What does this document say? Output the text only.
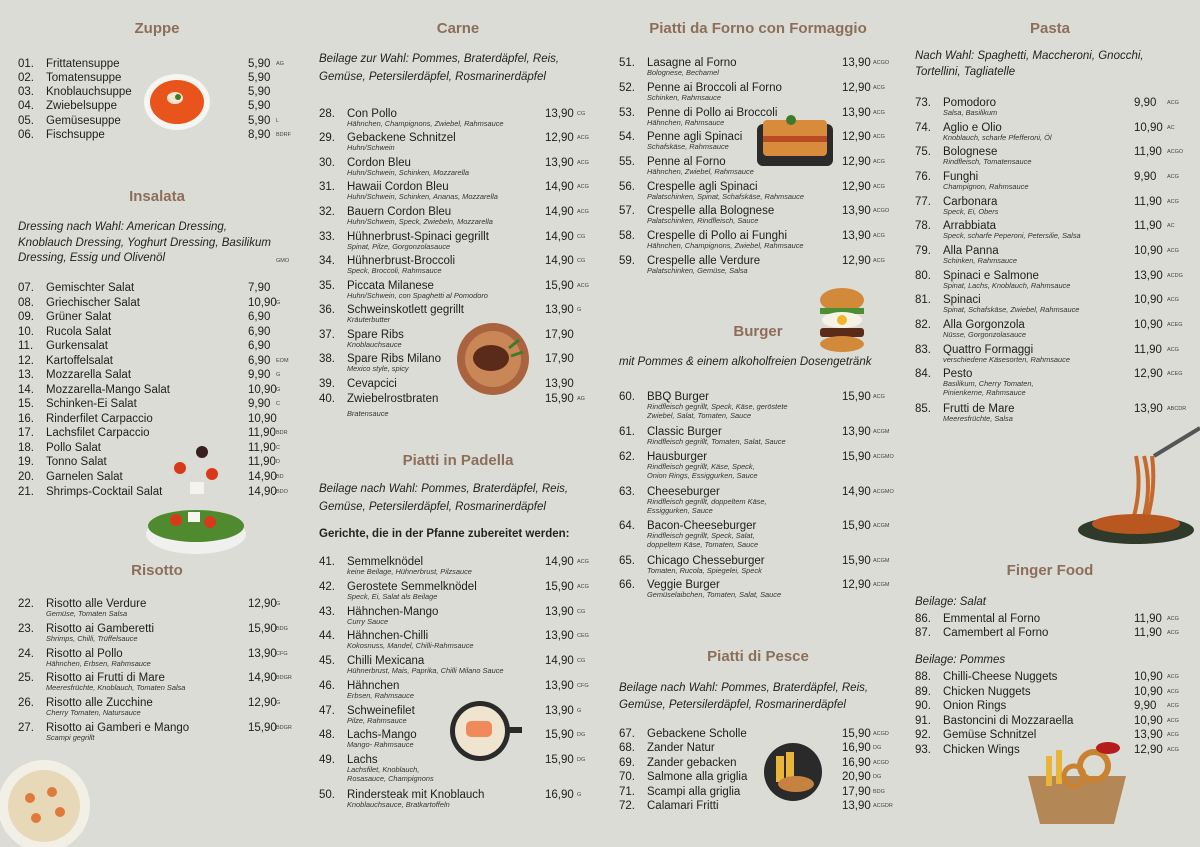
Zuppe
01. Frittatensuppe	5,90 AG
02. Tomatensuppe	5,90
03. Knoblauchsuppe	5,90
04. Zwiebelsuppe	5,90
05. Gemüsesuppe	5,90 L
06. Fischsuppe	8,90 BDRF
Insalata
Dressing nach Wahl: American Dressing,
Knoblauch Dressing, Yoghurt Dressing, Basilikum
Dressing, Essig und Olivenöl	GMO
07. Gemischter Salat	7,90
08. Griechischer Salat	10,90 G
09. Grüner Salat	6,90
10. Rucola Salat	6,90
11. Gurkensalat	6,90
12. Kartoffelsalat	6,90 EOM
13. Mozzarella Salat	9,90 G
14. Mozzarella-Mango Salat	10,90 G
15. Schinken-Ei Salat	9,90 C
16. Rinderfilet Carpaccio	10,90
17. Lachsfilet Carpaccio	11,90 BDR
18. Pollo Salat	11,90 C
19. Tonno Salat	11,90 D
20. Garnelen Salat	14,90 BD
21. Shrimps-Cocktail Salat	14,90 BDO
Risotto
22. Risotto alle Verdure
Gemüse, Tomaten Salsa
12,90 G
23. Risotto ai Gamberetti
Shrimps, Chilli, Trüffelsauce
15,90 BDG
24. Risotto al Pollo
Hähnchen, Erbsen, Rahmsauce
13,90 CFG
25. Risotto ai Frutti di Mare
Meeresfrüchte, Knoblauch, Tomaten Salsa
14,90 BDGR
26. Risotto alle Zucchine
Cherry Tomaten, Natursauce
12,90 G
27. Risotto ai Gamberi e Mango
Scampi gegrillt
15,90 BDGR
Carne
Beilage zur Wahl: Pommes, Braterdäpfel, Reis,
Gemüse, Petersilerdäpfel, Rosmarinerdäpfel
28. Con Pollo
Hähnchen, Champignons, Zwiebel, Rahmsauce
13,90 CG
29. Gebackene Schnitzel
Huhn/Schwein
12,90 ACG
30. Cordon Bleu
Huhn/Schwein, Schinken, Mozzarella
13,90 ACG
31. Hawaii Cordon Bleu
Huhn/Schwein, Schinken, Ananas, Mozzarella
14,90 ACG
32. Bauern Cordon Bleu
Huhn/Schwein, Speck, Zwiebeln, Mozzarella
14,90 ACG
33. Hühnerbrust-Spinaci gegrillt
Spinat, Pilze, Gorgonzolasauce
14,90 CG
34. Hühnerbrust-Broccoli
Speck, Broccoli, Rahmsauce
14,90 CG
35. Piccata Milanese
Huhn/Schwein, con Spaghetti al Pomodoro
15,90 ACG
36. Schweinskotlett gegrillt
Kräuterbutter
13,90 G
37. Spare Ribs
Knoblauchsauce
17,90
38. Spare Ribs Milano
Mexico style, spicy
17,90
39. Cevapcici	13,90
40. Zwiebelrostbraten
Bratensauce
15,90 AG
Piatti in Padella
Beilage nach Wahl: Pommes, Braterdäpfel, Reis,
Gemüse, Petersilerdäpfel, Rosmarinerdäpfel
Gerichte, die in der Pfanne zubereitet werden:
41. Semmelknödel
keine Beilage, Hühnerbrust, Pilzsauce
14,90 ACG
42. Gerostete Semmelknödel
Speck, Ei, Salat als Beilage
15,90 ACG
43. Hähnchen-Mango
Curry Sauce
13,90 CG
44. Hähnchen-Chilli
Kokosnuss, Mandel, Chilli-Rahmsauce
13,90 CEG
45. Chilli Mexicana
Hühnerbrust, Mais, Paprika, Chilli Milano Sauce
14,90 CG
46. Hähnchen
Erbsen, Rahmsauce
13,90 CFG
47. Schweinefilet
Pilze, Rahmsauce
13,90 G
48. Lachs-Mango
Mango- Rahmsauce
15,90 DG
49. Lachs
Lachsfilet, Knoblauch,
Rosasauce, Champignons
15,90 DG
50. Rindersteak mit Knoblauch
Knoblauchsauce, Bratkartoffeln
16,90 G
Piatti da Forno con Formaggio
51. Lasagne al Forno
Bolognese, Bechamel
13,90 ACGO
52. Penne ai Broccoli al Forno
Schinken, Rahmsauce
12,90 ACG
53. Penne di Pollo ai Broccoli
Hähnchen, Rahmsauce
13,90 ACG
54. Penne agli Spinaci
Schafskäse, Rahmsauce
12,90 ACG
55. Penne al Forno
Hähnchen, Zwiebel, Rahmsauce
12,90 ACG
56. Crespelle agli Spinaci
Palatschinken, Spinat, Schafskäse, Rahmsauce
12,90 ACG
57. Crespelle alla Bolognese
Palatschinken, Rindfleisch, Sauce
13,90 ACGO
58. Crespelle di Pollo ai Funghi
Hähnchen, Champignons, Zwiebel, Rahmsauce
13,90 ACG
59. Crespelle alle Verdure
Palatschinken, Gemüse, Salsa
12,90 ACG
Burger
mit Pommes & einem alkoholfreien Dosengetränk
60. BBQ Burger
Rindfleisch gegrillt, Speck, Käse, geröstete
Zwiebel, Salat, Tomaten, Sauce
15,90 ACG
61. Classic Burger
Rindfleisch gegrillt, Tomaten, Salat, Sauce
13,90 ACGM
62. Hausburger
Rindfleisch gegrillt, Käse, Speck,
Onion Rings, Essiggurken, Sauce
15,90 ACGMO
63. Cheeseburger
Rindfleisch gegrillt, doppeltem Käse,
Essiggurken, Sauce
14,90 ACGMO
64. Bacon-Cheeseburger
Rindfleisch gegrillt, Speck, Salat,
doppeltem Käse, Tomaten, Sauce
15,90 ACGM
65. Chicago Chesseburger
Tomaten, Rucola, Spiegelei, Speck
15,90 ACGM
66. Veggie Burger
Gemüselaibchen, Tomaten, Salat, Sauce
12,90 ACGM
Piatti di Pesce
Beilage nach Wahl: Pommes, Braterdäpfel, Reis,
Gemüse, Petersilerdäpfel, Rosmarinerdäpfel
67. Gebackene Scholle	15,90 ACGD
68. Zander Natur	16,90 DG
69. Zander gebacken	16,90 ACGD
70. Salmone alla griglia	20,90 DG
71. Scampi alla griglia	17,90 BDG
72. Calamari Fritti	13,90 ACGDR
Pasta
Nach Wahl: Spaghetti, Maccheroni, Gnocchi,
Tortellini, Tagliatelle
73. Pomodoro
Salsa, Basilikum
9,90 ACG
74. Aglio e Olio
Knoblauch, scharfe Pfefferoni, Öl
10,90 AC
75. Bolognese
Rindfleisch, Tomatensauce
11,90 ACGO
76. Funghi
Champignon, Rahmsauce
9,90 ACG
77. Carbonara
Speck, Ei, Obers
11,90 ACG
78. Arrabbiata
Speck, scharfe Peperoni, Petersilie, Salsa
11,90 AC
79. Alla Panna
Schinken, Rahmsauce
10,90 ACG
80. Spinaci e Salmone
Spinat, Lachs, Knoblauch, Rahmsauce
13,90 ACDG
81. Spinaci
Spinat, Schafskäse, Zwiebel, Rahmsauce
10,90 ACG
82. Alla Gorgonzola
Nüsse, Gorgonzolasauce
10,90 ACEG
83. Quattro Formaggi
verschiedene Käsesorten, Rahmsauce
11,90 ACG
84. Pesto
Basilikum, Cherry Tomaten,
Pinienkerne, Rahmsauce
12,90 ACEG
85. Frutti de Mare
Meeresfrüchte, Salsa
13,90 ABCDR
Finger Food
Beilage: Salat
86. Emmental al Forno	11,90 ACG
87. Camembert al Forno	11,90 ACG
Beilage: Pommes
88. Chilli-Cheese Nuggets	10,90 ACG
89. Chicken Nuggets	10,90 ACG
90. Onion Rings	9,90 ACG
91. Bastoncini di Mozzaraella	10,90 ACG
92. Gemüse Schnitzel	13,90 ACG
93. Chicken Wings	12,90 ACG
